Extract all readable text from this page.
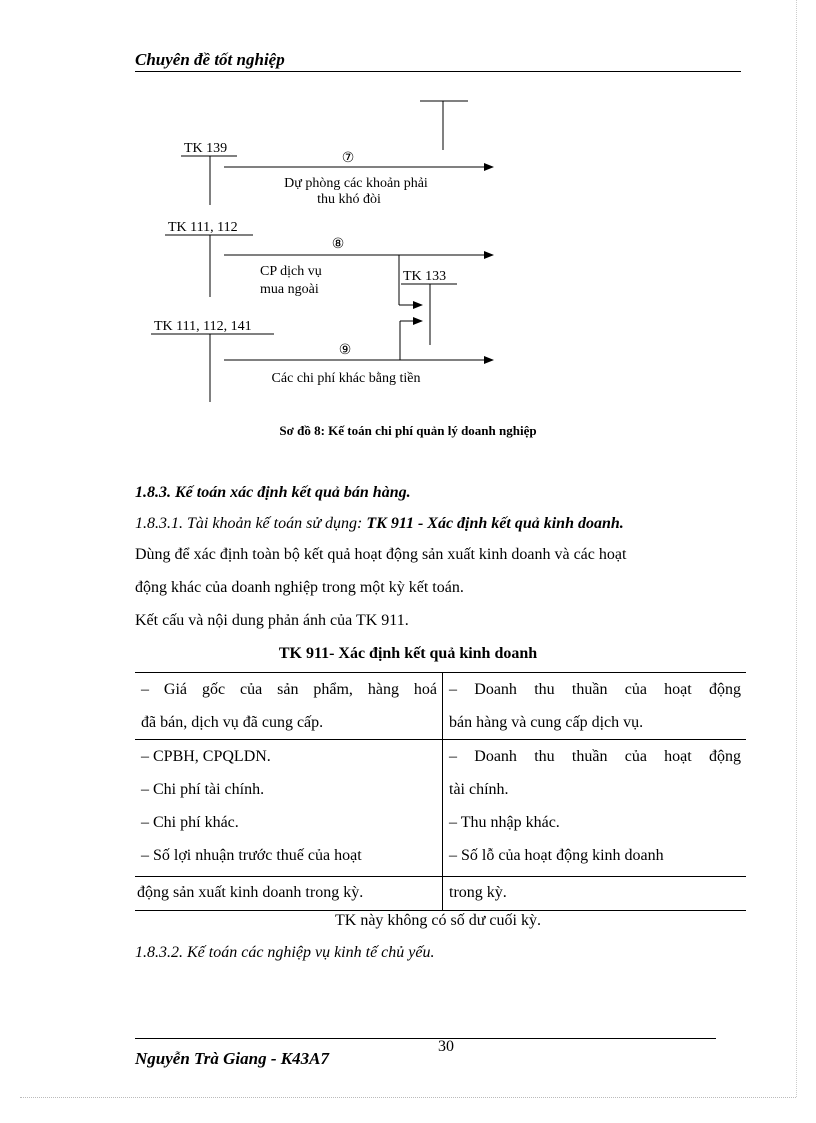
Chuyên đề tốt nghiệp
TK 139
⑦
Dự phòng các khoản phải
thu khó đòi
TK 111, 112
⑧
CP dịch vụ
mua ngoài
TK 133
TK 111, 112, 141
⑨
Các chi phí khác bằng tiền
Sơ đồ 8: Kế toán chi phí quản lý doanh nghiệp
1.8.3. Kế toán xác định kết quả bán hàng.
1.8.3.1. Tài khoản kế toán sử dụng: TK 911 - Xác định kết quả kinh doanh.
Dùng để xác định toàn bộ kết quả hoạt động sản xuất kinh doanh và các hoạt
động khác của doanh nghiệp trong một kỳ kết toán.
Kết cấu và nội dung phản ánh của TK 911.
TK 911- Xác định kết quả kinh doanh
– Giá gốc của sản phẩm, hàng hoá
đã bán, dịch vụ đã cung cấp.
– CPBH, CPQLDN.
– Chi phí tài chính.
– Chi phí khác.
– Số lợi nhuận trước thuế của hoạt
động sản xuất kinh doanh trong kỳ.
– Doanh thu thuần của hoạt động
bán hàng và cung cấp dịch vụ.
– Doanh thu thuần của hoạt động
tài chính.
– Thu nhập khác.
– Số lỗ của hoạt động kinh doanh
trong kỳ.
TK này không có số dư cuối kỳ.
1.8.3.2. Kế toán các nghiệp vụ kinh tế chủ yếu.
30
Nguyễn Trà Giang - K43A7
